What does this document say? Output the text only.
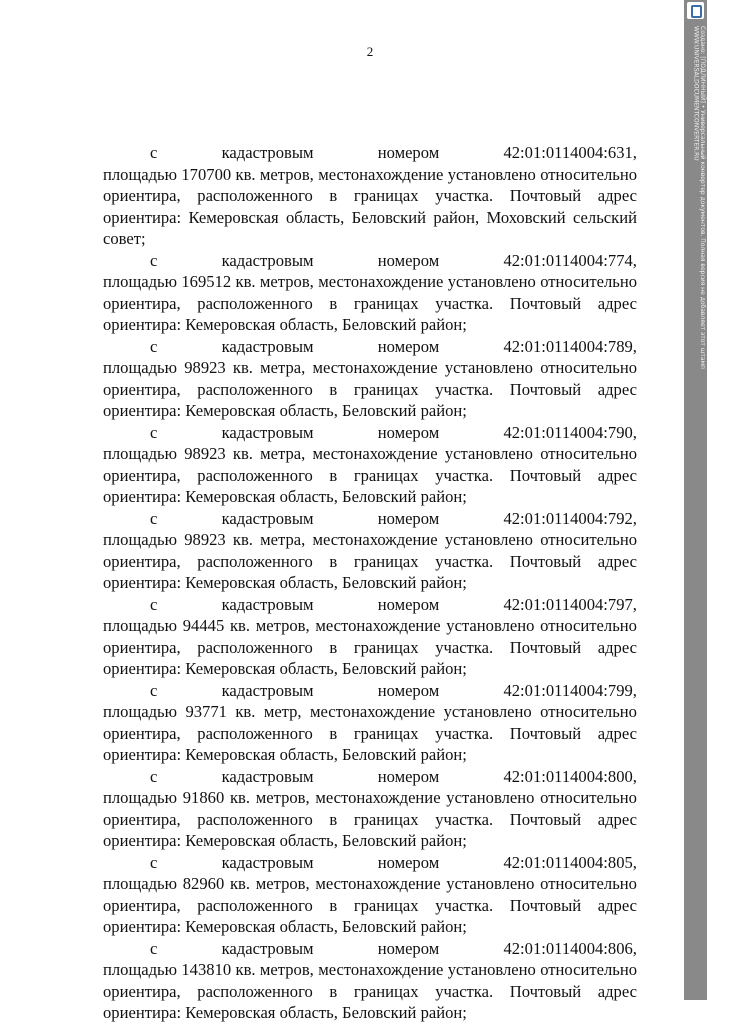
2
с	кадастровым	номером	42:01:0114004:631,
площадью 170700 кв. метров, местонахождение установлено относительно
ориентира, расположенного в границах участка. Почтовый адрес
ориентира: Кемеровская область, Беловский район, Моховский сельский
совет;
с	кадастровым	номером	42:01:0114004:774,
площадью 169512 кв. метров, местонахождение установлено относительно
ориентира, расположенного в границах участка. Почтовый адрес
ориентира: Кемеровская область, Беловский район;
с	кадастровым	номером	42:01:0114004:789,
площадью 98923 кв. метра, местонахождение установлено относительно
ориентира, расположенного в границах участка. Почтовый адрес
ориентира: Кемеровская область, Беловский район;
с	кадастровым	номером	42:01:0114004:790,
площадью 98923 кв. метра, местонахождение установлено относительно
ориентира, расположенного в границах участка. Почтовый адрес
ориентира: Кемеровская область, Беловский район;
с	кадастровым	номером	42:01:0114004:792,
площадью 98923 кв. метра, местонахождение установлено относительно
ориентира, расположенного в границах участка. Почтовый адрес
ориентира: Кемеровская область, Беловский район;
с	кадастровым	номером	42:01:0114004:797,
площадью 94445 кв. метров, местонахождение установлено относительно
ориентира, расположенного в границах участка. Почтовый адрес
ориентира: Кемеровская область, Беловский район;
с	кадастровым	номером	42:01:0114004:799,
площадью 93771 кв. метр, местонахождение установлено относительно
ориентира, расположенного в границах участка. Почтовый адрес
ориентира: Кемеровская область, Беловский район;
с	кадастровым	номером	42:01:0114004:800,
площадью 91860 кв. метров, местонахождение установлено относительно
ориентира, расположенного в границах участка. Почтовый адрес
ориентира: Кемеровская область, Беловский район;
с	кадастровым	номером	42:01:0114004:805,
площадью 82960 кв. метров, местонахождение установлено относительно
ориентира, расположенного в границах участка. Почтовый адрес
ориентира: Кемеровская область, Беловский район;
с	кадастровым	номером	42:01:0114004:806,
площадью 143810 кв. метров, местонахождение установлено относительно
ориентира, расположенного в границах участка. Почтовый адрес
ориентира: Кемеровская область, Беловский район;
Создано: [ПОДЛИННЫЙ] • Универсальный конвертер документов. Полная версия не добавляет этот штамп
WWW.UNIVERSALDOCUMENTCONVERTER.RU
